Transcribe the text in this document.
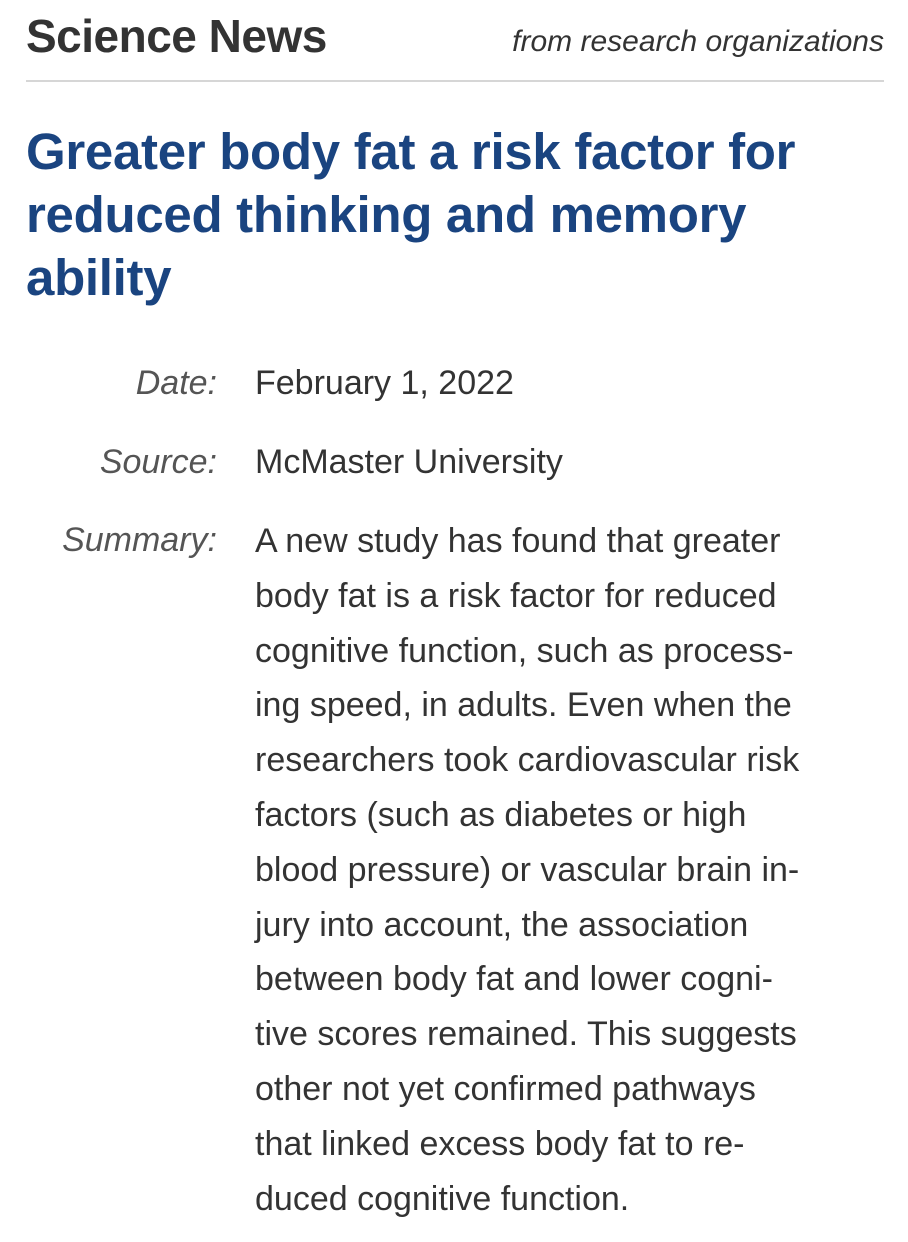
Science News	from research organizations
Greater body fat a risk factor for reduced thinking and memory ability
Date: February 1, 2022
Source: McMaster University
Summary: A new study has found that greater
body fat is a risk factor for reduced
cognitive function, such as process-
ing speed, in adults. Even when the
researchers took cardiovascular risk
factors (such as diabetes or high
blood pressure) or vascular brain in-
jury into account, the association
between body fat and lower cogni-
tive scores remained. This suggests
other not yet confirmed pathways
that linked excess body fat to re-
duced cognitive function.
